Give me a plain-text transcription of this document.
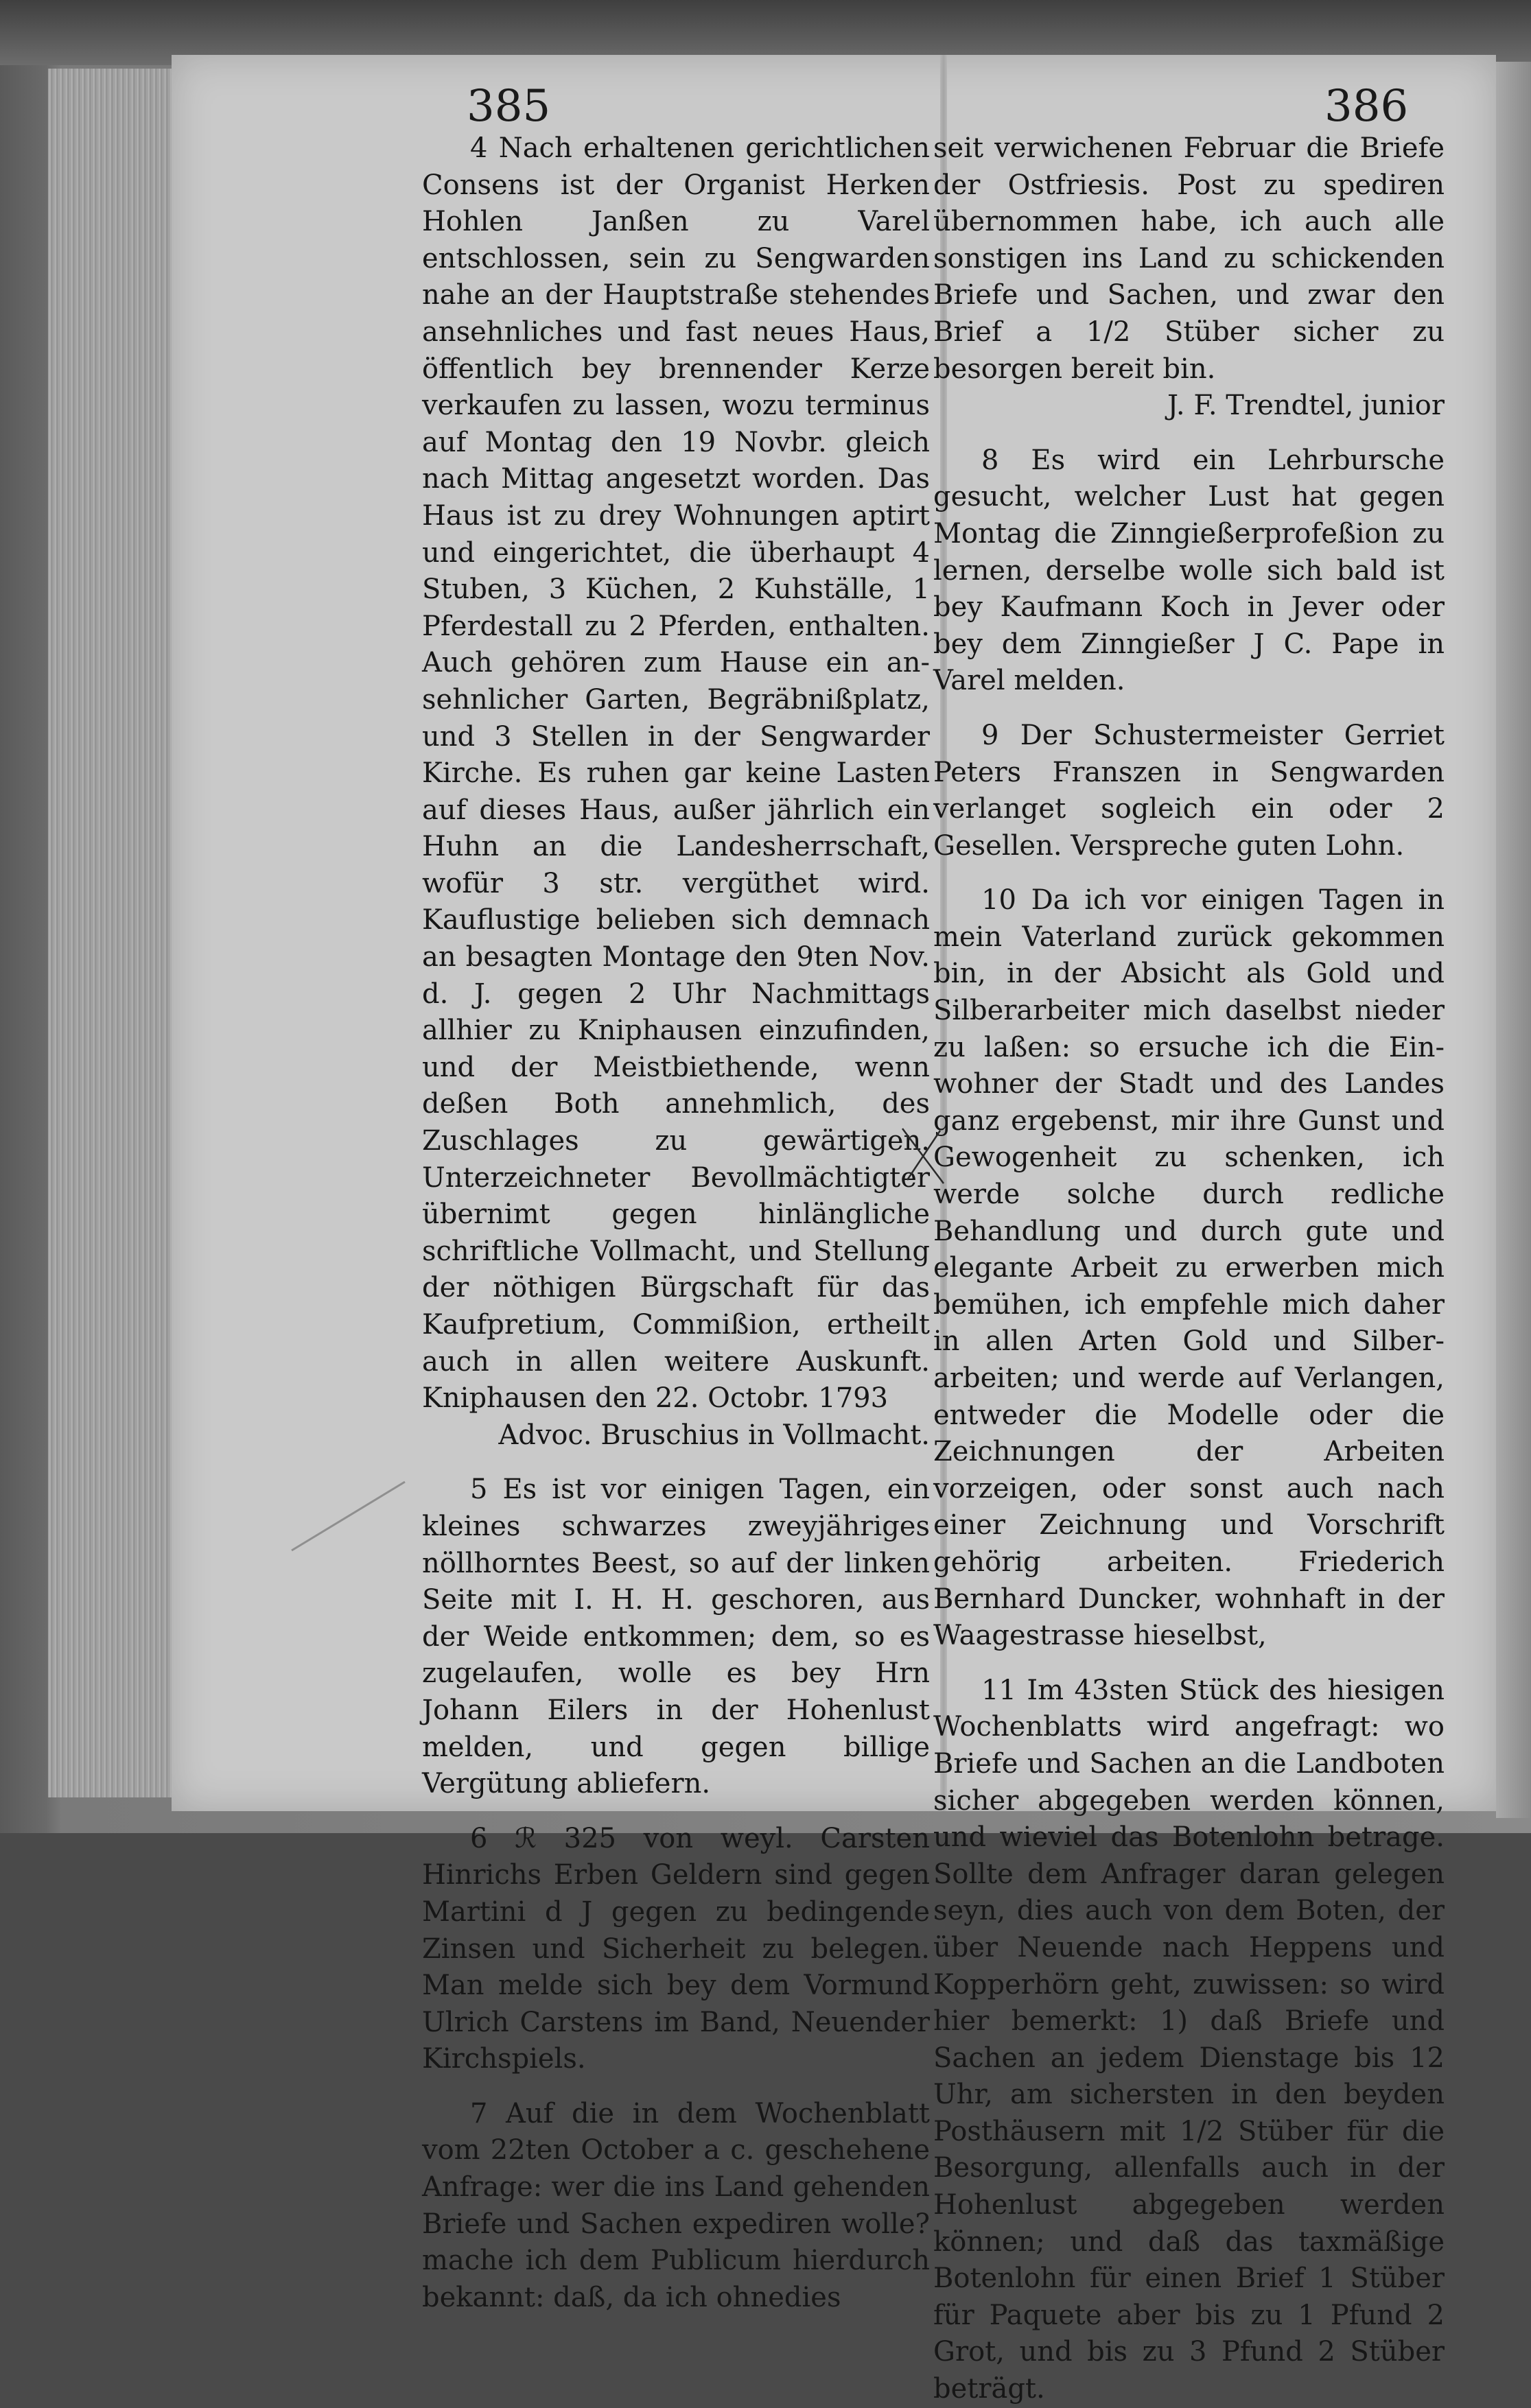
385	386

4 Nach erhaltenen gerichtlichen Consens ist der Organist Herken Hohlen Janßen zu Varel entschlossen, sein zu Sengwarden nahe an der Hauptstraße stehendes ansehnliches und fast neues Haus, öffentlich bey brennender Kerze verkaufen zu lassen, wozu terminus auf Montag den 19 Novbr. gleich nach Mittag angesetzt worden. Das Haus ist zu drey Wohnungen aptirt und eingerichtet, die überhaupt 4 Stuben, 3 Küchen, 2 Kuhställe, 1 Pferdestall zu 2 Pferden, enthalten. Auch gehören zum Hause ein ansehnlicher Garten, Begräbnißplatz, und 3 Stellen in der Sengwarder Kirche. Es ruhen gar keine Lasten auf dieses Haus, außer jährlich ein Huhn an die Landesherrschaft, wofür 3 str. vergüthet wird. Kauflustige belieben sich demnach an besagten Montage den 9ten Nov. d. J. gegen 2 Uhr Nachmittags allhier zu Kniphausen einzufinden, und der Meistbiethende, wenn deßen Both annehmlich, des Zuschlages zu gewärtigen. Unterzeichneter Bevollmächtigter übernimt gegen hinlängliche schriftliche Vollmacht, und Stellung der nöthigen Bürgschaft für das Kaufpretium, Commißion, ertheilt auch in allen weitere Auskunft. Kniphausen den 22. Octobr. 1793

Advoc. Bruschius in Vollmacht.

5 Es ist vor einigen Tagen, ein kleines schwarzes zweyjähriges nöllhorntes Beest, so auf der linken Seite mit I. H. H. geschoren, aus der Weide entkommen; dem, so es zugelaufen, wolle es bey Hrn Johann Eilers in der Hohenlust melden, und gegen billige Vergütung abliefern.

6 ℛ 325 von weyl. Carsten Hinrichs Erben Geldern sind gegen Martini d J gegen zu bedingende Zinsen und Sicherheit zu belegen. Man melde sich bey dem Vormund Ulrich Carstens im Band, Neuender Kirchspiels.

7 Auf die in dem Wochenblatt vom 22ten October a c. geschehene Anfrage: wer die ins Land gehenden Briefe und Sachen expediren wolle? mache ich dem Publicum hierdurch bekannt: daß, da ich ohnedies

seit verwichenen Februar die Briefe der Ostfriesis. Post zu spediren übernommen habe, ich auch alle sonstigen ins Land zu schickenden Briefe und Sachen, und zwar den Brief a 1/2 Stüber sicher zu besorgen bereit bin.

J. F. Trendtel, junior

8 Es wird ein Lehrbursche gesucht, welcher Lust hat gegen Montag die Zinngießerprofeßion zu lernen, derselbe wolle sich bald ist bey Kaufmann Koch in Jever oder bey dem Zinngießer J C. Pape in Varel melden.

9 Der Schustermeister Gerriet Peters Franszen in Sengwarden verlanget sogleich ein oder 2 Gesellen. Verspreche guten Lohn.

10 Da ich vor einigen Tagen in mein Vaterland zurück gekommen bin, in der Absicht als Gold und Silberarbeiter mich daselbst nieder zu laßen: so ersuche ich die Einwohner der Stadt und des Landes ganz ergebenst, mir ihre Gunst und Gewogenheit zu schenken, ich werde solche durch redliche Behandlung und durch gute und elegante Arbeit zu erwerben mich bemühen, ich empfehle mich daher in allen Arten Gold und Silberarbeiten; und werde auf Verlangen, entweder die Modelle oder die Zeichnungen der Arbeiten vorzeigen, oder sonst auch nach einer Zeichnung und Vorschrift gehörig arbeiten. Friederich Bernhard Duncker, wohnhaft in der Waagestrasse hieselbst,

11 Im 43sten Stück des hiesigen Wochenblatts wird angefragt: wo Briefe und Sachen an die Landboten sicher abgegeben werden können, und wieviel das Botenlohn betrage. Sollte dem Anfrager daran gelegen seyn, dies auch von dem Boten, der über Neuende nach Heppens und Kopperhörn geht, zuwissen: so wird hier bemerkt: 1) daß Briefe und Sachen an jedem Dienstage bis 12 Uhr, am sichersten in den beyden Posthäusern mit 1/2 Stüber für die Besorgung, allenfalls auch in der Hohenlust abgegeben werden können; und daß das taxmäßige Botenlohn für einen Brief 1 Stüber für Paquete aber bis zu 1 Pfund 2 Grot, und bis zu 3 Pfund 2 Stüber beträgt.
